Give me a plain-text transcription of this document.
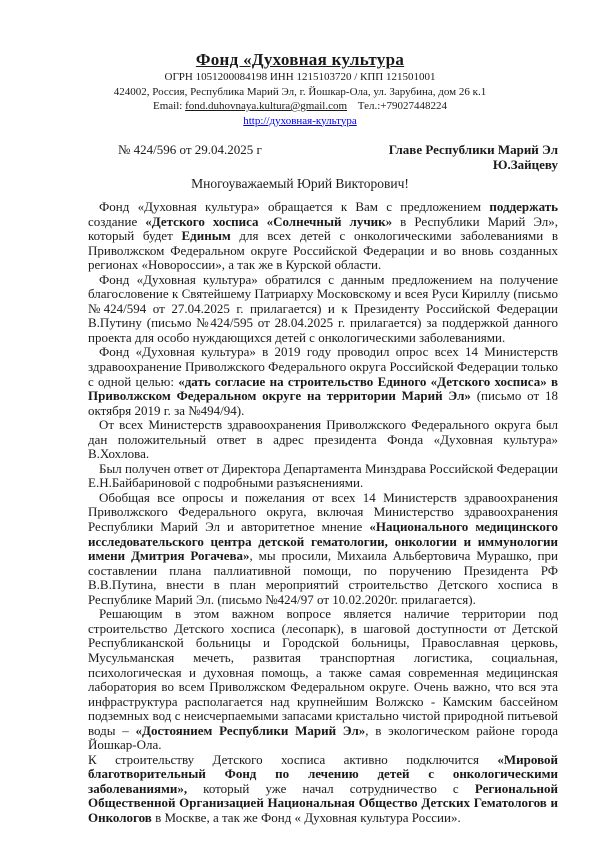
Фонд «Духовная культура
ОГРН 1051200084198 ИНН 1215103720 / КПП 121501001
424002, Россия, Республика Марий Эл, г. Йошкар-Ола, ул. Зарубина, дом 26 к.1
Email: fond.duhovnaya.kultura@gmail.com Тел.:+79027448224
http://духовная-культура
№ 424/596 от 29.04.2025 г	Главе Республики Марий Эл
Ю.Зайцеву
Многоуважаемый Юрий Викторович!

Фонд «Духовная культура» обращается к Вам с предложением поддержать создание «Детского хосписа «Солнечный лучик» в Республики Марий Эл», который будет Единым для всех детей с онкологическими заболеваниями в Приволжском Федеральном округе Российской Федерации и во вновь созданных регионах «Новороссии», а так же в Курской области.

Фонд «Духовная культура» обратился с данным предложением на получение благословение к Святейшему Патриарху Московскому и всея Руси Кириллу (письмо №424/594 от 27.04.2025 г. прилагается) и к Президенту Российской Федерации В.Путину (письмо №424/595 от 28.04.2025 г. прилагается) за поддержкой данного проекта для особо нуждающихся детей с онкологическими заболеваниями.

Фонд «Духовная культура» в 2019 году проводил опрос всех 14 Министерств здравоохранение Приволжского Федерального округа Российской Федерации только с одной целью: «дать согласие на строительство Единого «Детского хосписа» в Приволжском Федеральном округе на территории Марий Эл» (письмо от 18 октября 2019 г. за №494/94).

От всех Министерств здравоохранения Приволжского Федерального округа был дан положительный ответ в адрес президента Фонда «Духовная культура» В.Хохлова.

Был получен ответ от Директора Департамента Минздрава Российской Федерации Е.Н.Байбариновой с подробными разъяснениями.

Обобщая все опросы и пожелания от всех 14 Министерств здравоохранения Приволжского Федерального округа, включая Министерство здравоохранения Республики Марий Эл и авторитетное мнение «Национального медицинского исследовательского центра детской гематологии, онкологии и иммунологии имени Дмитрия Рогачева», мы просили, Михаила Альбертовича Мурашко, при составлении плана паллиативной помощи, по поручению Президента РФ В.В.Путина, внести в план мероприятий строительство Детского хосписа в Республике Марий Эл. (письмо №424/97 от 10.02.2020г. прилагается).

Решающим в этом важном вопросе является наличие территории под строительство Детского хосписа (лесопарк), в шаговой доступности от Детской Республиканской больницы и Городской больницы, Православная церковь, Мусульманская мечеть, развитая транспортная логистика, социальная, психологическая и духовная помощь, а также самая современная медицинская лаборатория во всем Приволжском Федеральном округе. Очень важно, что вся эта инфраструктура располагается над крупнейшим Волжско - Камским бассейном подземных вод с неисчерпаемыми запасами кристально чистой природной питьевой воды – «Достоянием Республики Марий Эл», в экологическом районе города Йошкар-Ола.

К строительству Детского хосписа активно подключится «Мировой благотворительный Фонд по лечению детей с онкологическими заболеваниями», который уже начал сотрудничество с Региональной Общественной Организацией Национальная Общество Детских Гематологов и Онкологов в Москве, а так же Фонд « Духовная культура России».
